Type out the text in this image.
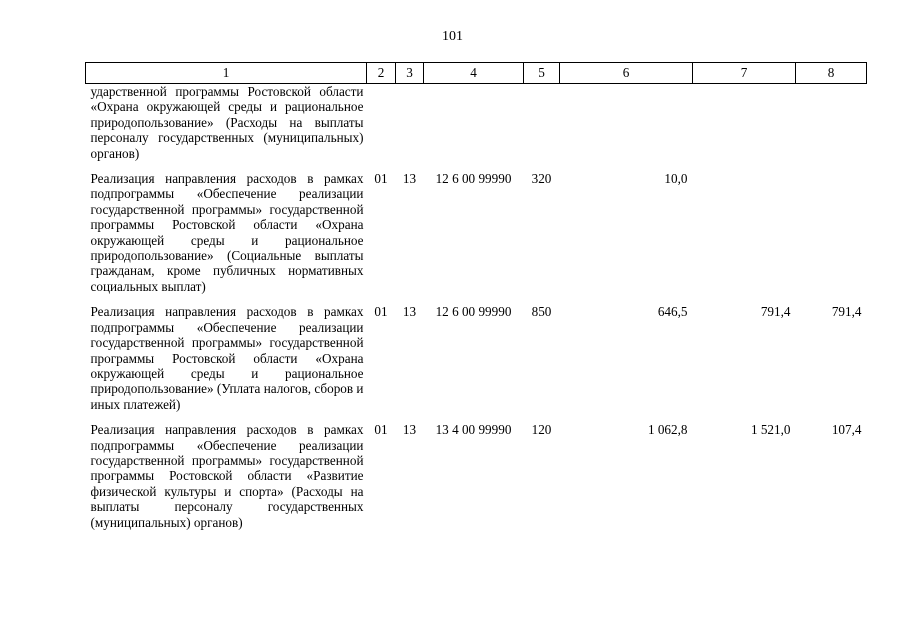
101
1	2	3	4	5	6	7	8
ударственной программы Ростовской области «Охрана окружающей среды и рациональное природопользование» (Расходы на выплаты персоналу государственных (муниципальных) органов)							
Реализация направления расходов в рамках подпрограммы «Обеспечение реализации государственной программы» государственной программы Ростовской области «Охрана окружающей среды и рациональное природопользование» (Социальные выплаты гражданам, кроме публичных нормативных социальных выплат)	01	13	12 6 00 99990	320	10,0		
Реализация направления расходов в рамках подпрограммы «Обеспечение реализации государственной программы» государственной программы Ростовской области «Охрана окружающей среды и рациональное природопользование» (Уплата налогов, сборов и иных платежей)	01	13	12 6 00 99990	850	646,5	791,4	791,4
Реализация направления расходов в рамках подпрограммы «Обеспечение реализации государственной программы» государственной программы Ростовской области «Развитие физической культуры и спорта» (Расходы на выплаты персоналу государственных (муниципальных) органов)	01	13	13 4 00 99990	120	1 062,8	1 521,0	107,4
